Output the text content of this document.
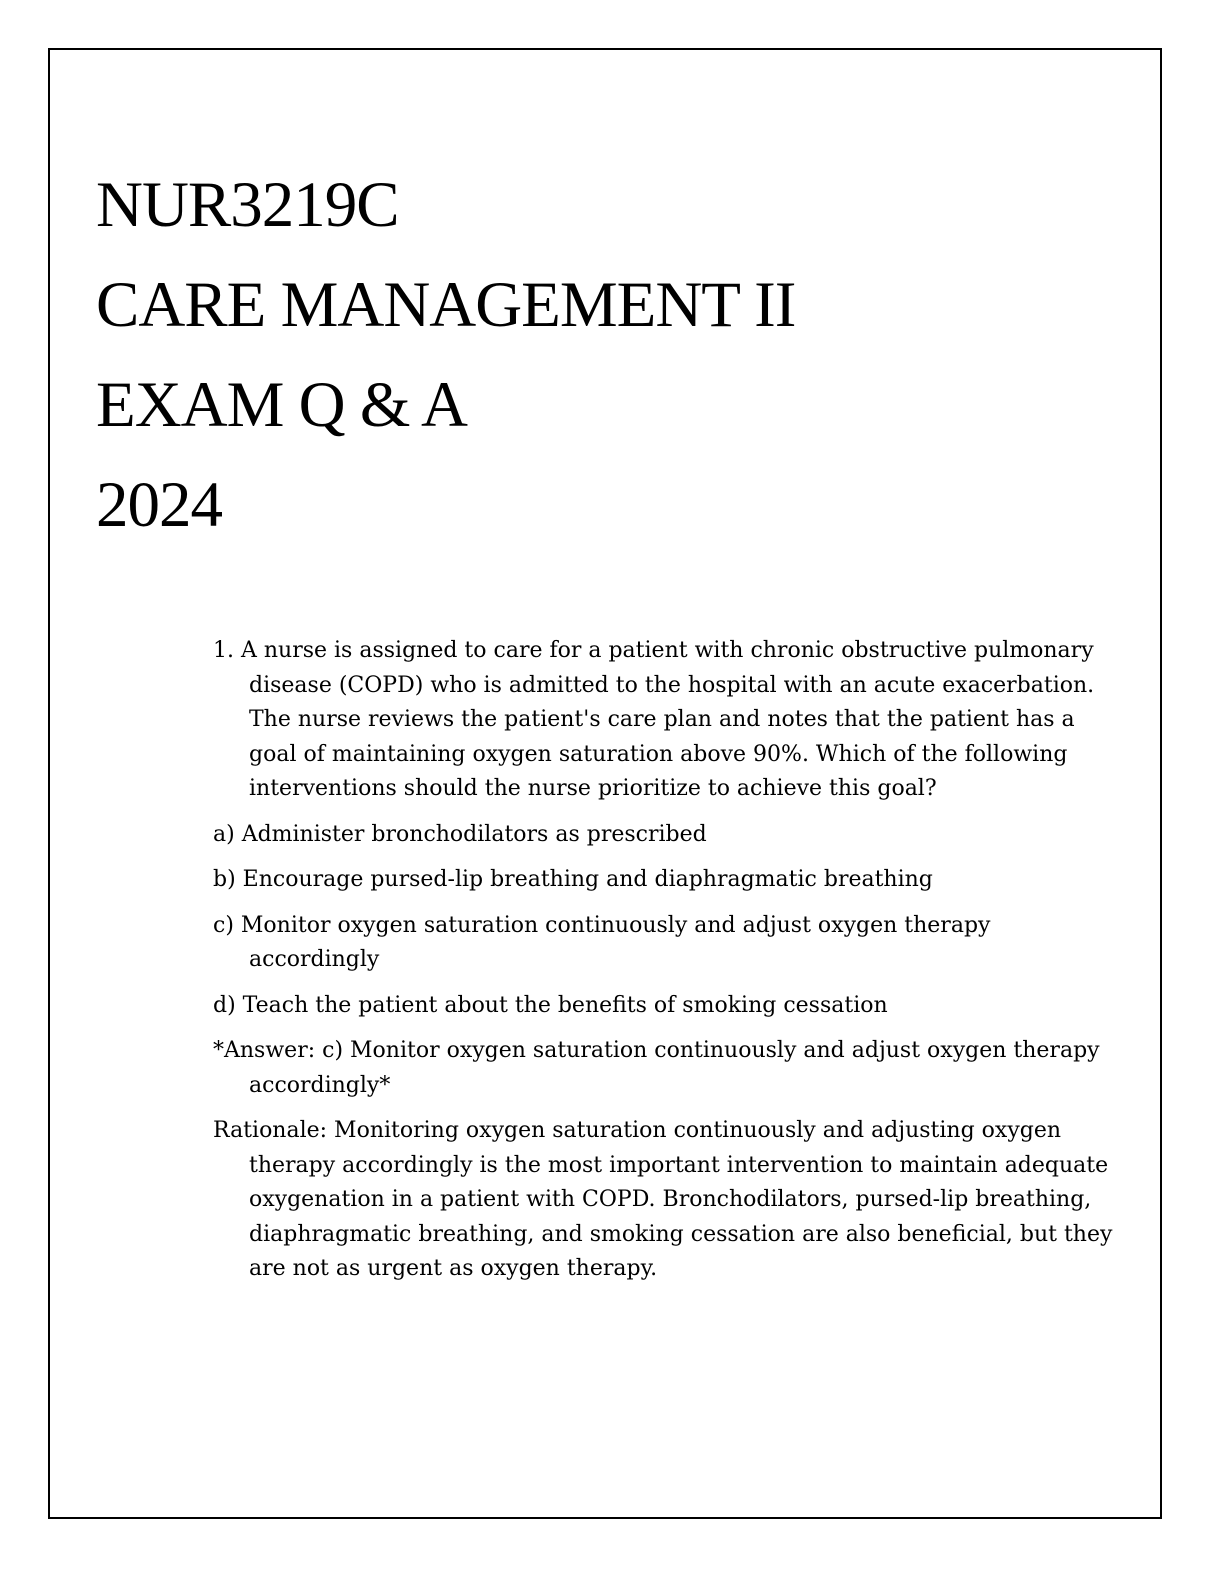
NUR3219C

CARE MANAGEMENT II

EXAM Q & A

2024

1. A nurse is assigned to care for a patient with chronic obstructive pulmonary disease (COPD) who is admitted to the hospital with an acute exacerbation. The nurse reviews the patient's care plan and notes that the patient has a goal of maintaining oxygen saturation above 90%. Which of the following interventions should the nurse prioritize to achieve this goal?

a) Administer bronchodilators as prescribed

b) Encourage pursed-lip breathing and diaphragmatic breathing

c) Monitor oxygen saturation continuously and adjust oxygen therapy accordingly

d) Teach the patient about the benefits of smoking cessation

*Answer: c) Monitor oxygen saturation continuously and adjust oxygen therapy accordingly*

Rationale: Monitoring oxygen saturation continuously and adjusting oxygen therapy accordingly is the most important intervention to maintain adequate oxygenation in a patient with COPD. Bronchodilators, pursed-lip breathing, diaphragmatic breathing, and smoking cessation are also beneficial, but they are not as urgent as oxygen therapy.
